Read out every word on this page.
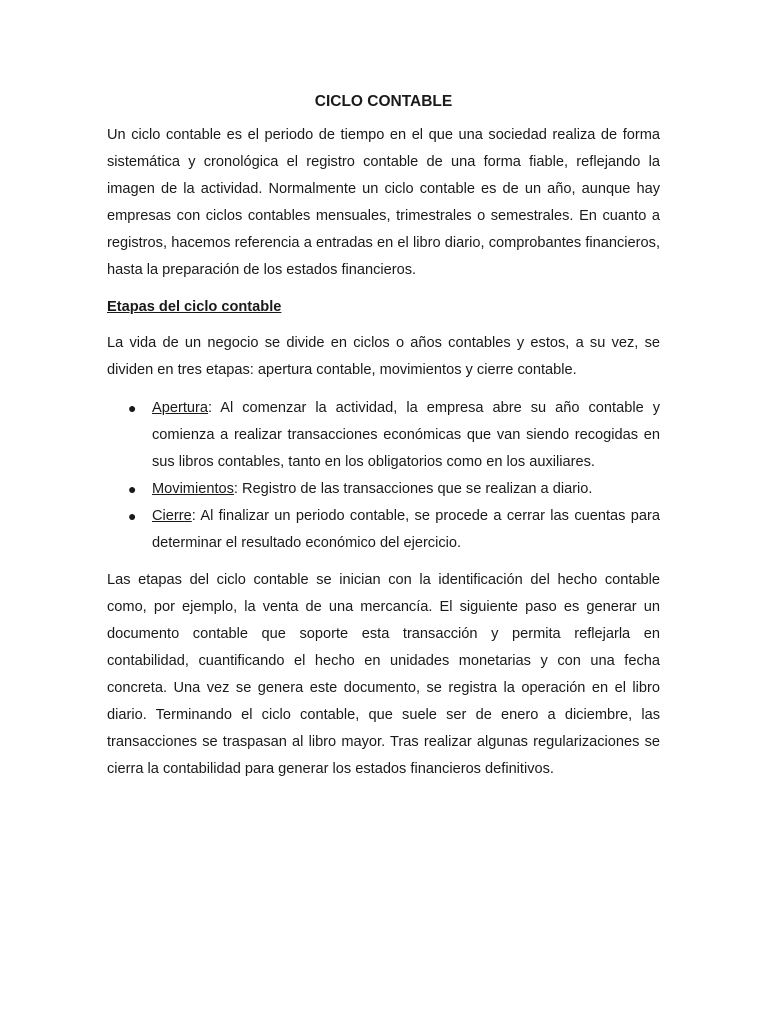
CICLO CONTABLE

Un ciclo contable es el periodo de tiempo en el que una sociedad realiza de forma sistemática y cronológica el registro contable de una forma fiable, reflejando la imagen de la actividad. Normalmente un ciclo contable es de un año, aunque hay empresas con ciclos contables mensuales, trimestrales o semestrales. En cuanto a registros, hacemos referencia a entradas en el libro diario, comprobantes financieros, hasta la preparación de los estados financieros.

Etapas del ciclo contable

La vida de un negocio se divide en ciclos o años contables y estos, a su vez, se dividen en tres etapas: apertura contable, movimientos y cierre contable.

● Apertura: Al comenzar la actividad, la empresa abre su año contable y comienza a realizar transacciones económicas que van siendo recogidas en sus libros contables, tanto en los obligatorios como en los auxiliares.
● Movimientos: Registro de las transacciones que se realizan a diario.
● Cierre: Al finalizar un periodo contable, se procede a cerrar las cuentas para determinar el resultado económico del ejercicio.

Las etapas del ciclo contable se inician con la identificación del hecho contable como, por ejemplo, la venta de una mercancía. El siguiente paso es generar un documento contable que soporte esta transacción y permita reflejarla en contabilidad, cuantificando el hecho en unidades monetarias y con una fecha concreta. Una vez se genera este documento, se registra la operación en el libro diario. Terminando el ciclo contable, que suele ser de enero a diciembre, las transacciones se traspasan al libro mayor. Tras realizar algunas regularizaciones se cierra la contabilidad para generar los estados financieros definitivos.
